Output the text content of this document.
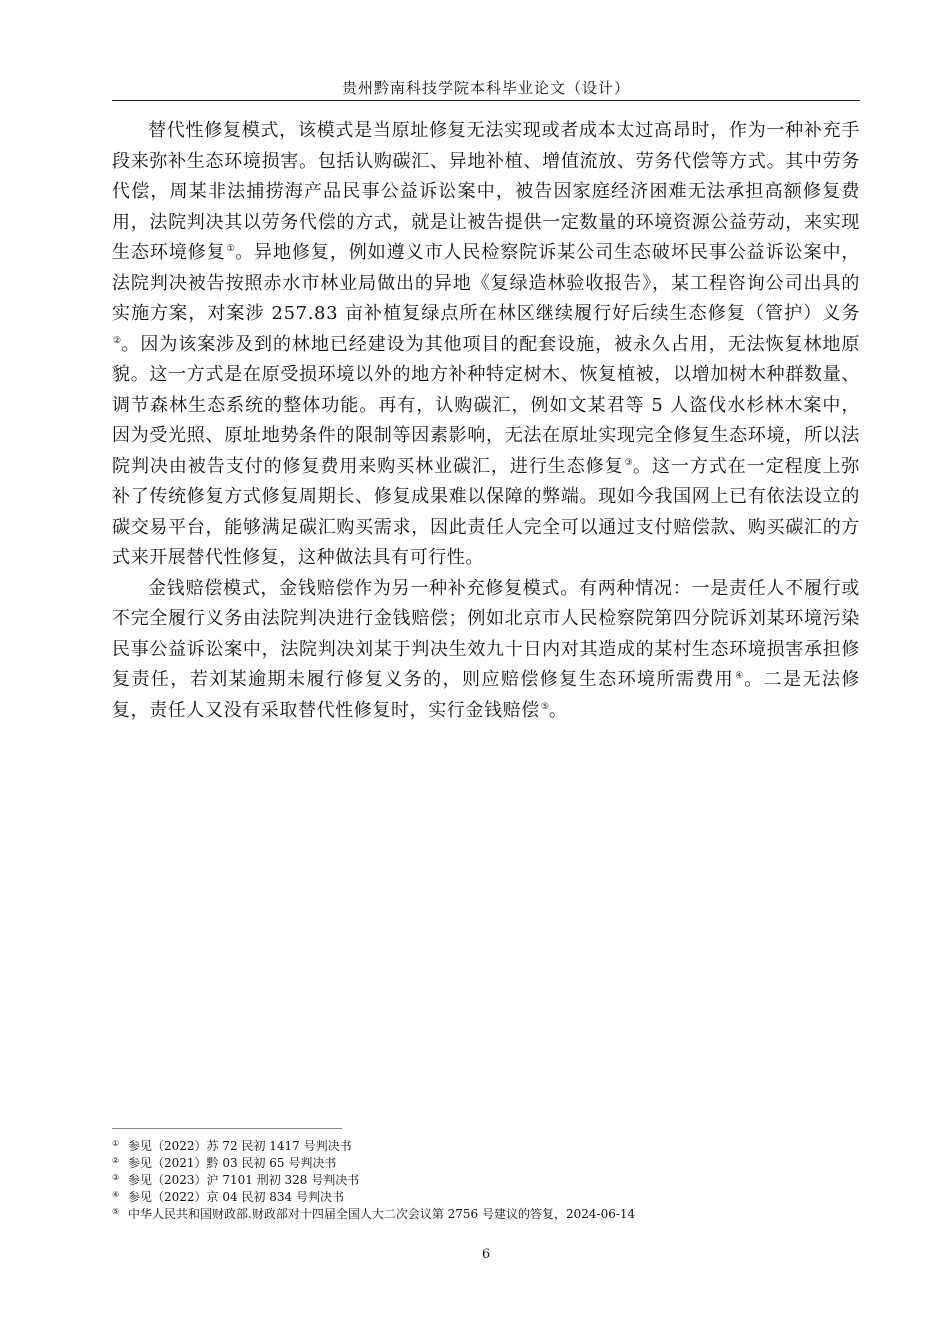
贵州黔南科技学院本科毕业论文（设计）

替代性修复模式，该模式是当原址修复无法实现或者成本太过高昂时，作为一种补充手段来弥补生态环境损害。包括认购碳汇、异地补植、增值流放、劳务代偿等方式。其中劳务代偿，周某非法捕捞海产品民事公益诉讼案中，被告因家庭经济困难无法承担高额修复费用，法院判决其以劳务代偿的方式，就是让被告提供一定数量的环境资源公益劳动，来实现生态环境修复①。异地修复，例如遵义市人民检察院诉某公司生态破坏民事公益诉讼案中，法院判决被告按照赤水市林业局做出的异地《复绿造林验收报告》，某工程咨询公司出具的实施方案，对案涉 257.83 亩补植复绿点所在林区继续履行好后续生态修复（管护）义务②。因为该案涉及到的林地已经建设为其他项目的配套设施，被永久占用，无法恢复林地原貌。这一方式是在原受损环境以外的地方补种特定树木、恢复植被，以增加树木种群数量、调节森林生态系统的整体功能。再有，认购碳汇，例如文某君等 5 人盗伐水杉林木案中，因为受光照、原址地势条件的限制等因素影响，无法在原址实现完全修复生态环境，所以法院判决由被告支付的修复费用来购买林业碳汇，进行生态修复③。这一方式在一定程度上弥补了传统修复方式修复周期长、修复成果难以保障的弊端。现如今我国网上已有依法设立的碳交易平台，能够满足碳汇购买需求，因此责任人完全可以通过支付赔偿款、购买碳汇的方式来开展替代性修复，这种做法具有可行性。

金钱赔偿模式，金钱赔偿作为另一种补充修复模式。有两种情况：一是责任人不履行或不完全履行义务由法院判决进行金钱赔偿；例如北京市人民检察院第四分院诉刘某环境污染民事公益诉讼案中，法院判决刘某于判决生效九十日内对其造成的某村生态环境损害承担修复责任，若刘某逾期未履行修复义务的，则应赔偿修复生态环境所需费用④。二是无法修复，责任人又没有采取替代性修复时，实行金钱赔偿⑤。

① 参见（2022）苏 72 民初 1417 号判决书
② 参见（2021）黔 03 民初 65 号判决书
③ 参见（2023）沪 7101 刑初 328 号判决书
④ 参见（2022）京 04 民初 834 号判决书
⑤ 中华人民共和国财政部.财政部对十四届全国人大二次会议第 2756 号建议的答复，2024-06-14
6
